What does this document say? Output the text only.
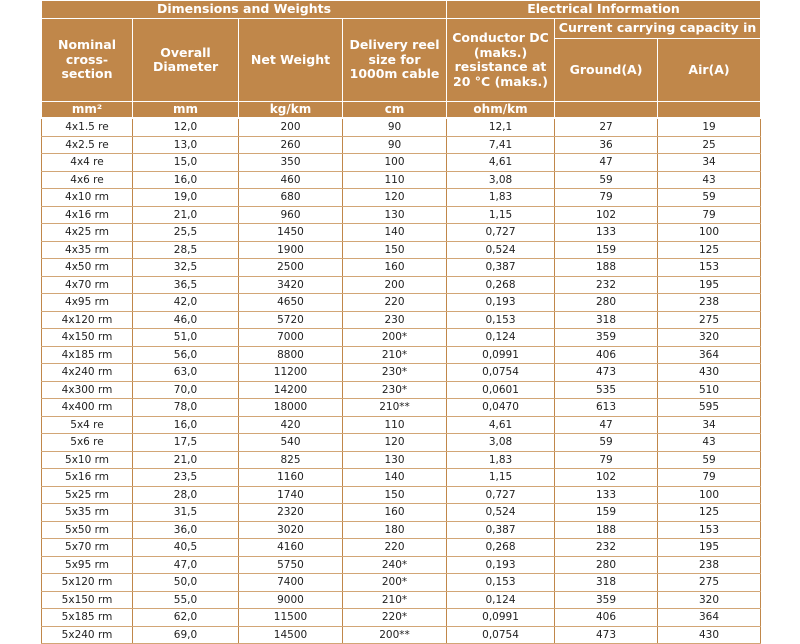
Dimensions and Weights				Electrical Information		

Nominal cross-section	Overall Diameter	Net Weight	Delivery reel size for 1000m cable	Conductor DC (maks.) resistance at 20 °C (maks.)	Current carrying capacity in	
					Ground(A)	Air(A)
mm²	mm	kg/km	cm	ohm/km		
4x1.5 re	12,0	200	90	12,1	27	19
4x2.5 re	13,0	260	90	7,41	36	25
4x4 re	15,0	350	100	4,61	47	34
4x6 re	16,0	460	110	3,08	59	43
4x10 rm	19,0	680	120	1,83	79	59
4x16 rm	21,0	960	130	1,15	102	79
4x25 rm	25,5	1450	140	0,727	133	100
4x35 rm	28,5	1900	150	0,524	159	125
4x50 rm	32,5	2500	160	0,387	188	153
4x70 rm	36,5	3420	200	0,268	232	195
4x95 rm	42,0	4650	220	0,193	280	238
4x120 rm	46,0	5720	230	0,153	318	275
4x150 rm	51,0	7000	200*	0,124	359	320
4x185 rm	56,0	8800	210*	0,0991	406	364
4x240 rm	63,0	11200	230*	0,0754	473	430
4x300 rm	70,0	14200	230*	0,0601	535	510
4x400 rm	78,0	18000	210**	0,0470	613	595
5x4 re	16,0	420	110	4,61	47	34
5x6 re	17,5	540	120	3,08	59	43
5x10 rm	21,0	825	130	1,83	79	59
5x16 rm	23,5	1160	140	1,15	102	79
5x25 rm	28,0	1740	150	0,727	133	100
5x35 rm	31,5	2320	160	0,524	159	125
5x50 rm	36,0	3020	180	0,387	188	153
5x70 rm	40,5	4160	220	0,268	232	195
5x95 rm	47,0	5750	240*	0,193	280	238
5x120 rm	50,0	7400	200*	0,153	318	275
5x150 rm	55,0	9000	210*	0,124	359	320
5x185 rm	62,0	11500	220*	0,0991	406	364
5x240 rm	69,0	14500	200**	0,0754	473	430
